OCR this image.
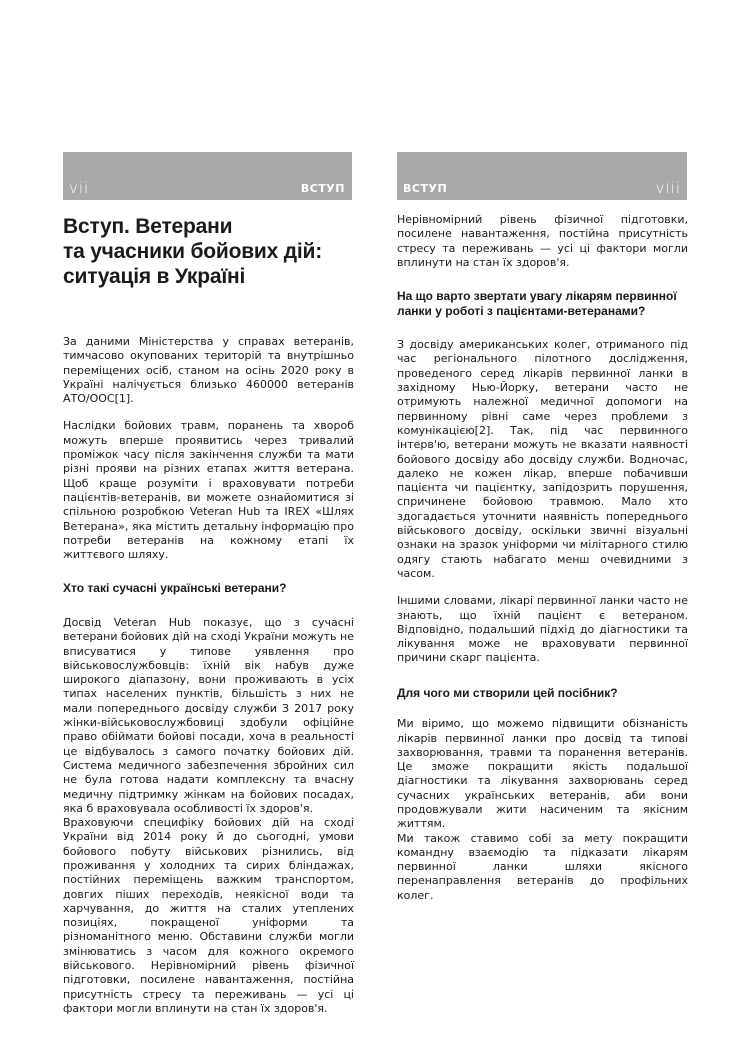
vii	ВСТУП	ВСТУП	viii
Вступ. Ветерани
та учасники бойових дій:
ситуація в Україні

За даними Міністерства у справах ветеранів, тимчасово окупованих територій та внутрішньо переміщених осіб, станом на осінь 2020 року в Україні налічується близько 460000 ветеранів АТО/ООС[1].

Наслідки бойових травм, поранень та хвороб можуть вперше проявитись через тривалий проміжок часу після закінчення служби та мати різні прояви на різних етапах життя ветерана. Щоб краще розуміти і враховувати потреби пацієнтів-ветеранів, ви можете ознайомитися зі спільною розробкою Veteran Hub та IREX «Шлях Ветерана», яка містить детальну інформацію про потреби ветеранів на кожному етапі їх життєвого шляху.

Хто такі сучасні українські ветерани?

Досвід Veteran Hub показує, що з сучасні ветерани бойових дій на сході України можуть не вписуватися у типове уявлення про військовослужбовців: їхній вік набув дуже широкого діапазону, вони проживають в усіх типах населених пунктів, більшість з них не мали попереднього досвіду служби З 2017 року жінки-військовослужбовиці здобули офіційне право обіймати бойові посади, хоча в реальності це відбувалось з самого початку бойових дій. Система медичного забезпечення збройних сил не була готова надати комплексну та вчасну медичну підтримку жінкам на бойових посадах, яка б враховувала особливості їх здоров'я.

Враховуючи специфіку бойових дій на сході України від 2014 року й до сьогодні, умови бойового побуту військових різнились, від проживання у холодних та сирих бліндажах, постійних переміщень важким транспортом, довгих піших переходів, неякісної води та харчування, до життя на сталих утеплених позиціях, покращеної уніформи та різноманітного меню. Обставини служби могли змінюватись з часом для кожного окремого військового. Нерівномірний рівень фізичної підготовки, посилене навантаження, постійна присутність стресу та переживань — усі ці фактори могли вплинути на стан їх здоров'я.

Нерівномірний рівень фізичної підготовки, посилене навантаження, постійна присутність стресу та переживань — усі ці фактори могли вплинути на стан їх здоров'я.

На що варто звертати увагу лікарям первинної ланки у роботі з пацієнтами-ветеранами?

З досвіду американських колег, отриманого під час регіонального пілотного дослідження, проведеного серед лікарів первинної ланки в західному Нью-Йорку, ветерани часто не отримують належної медичної допомоги на первинному рівні саме через проблеми з комунікацією[2]. Так, під час первинного інтерв'ю, ветерани можуть не вказати наявності бойового досвіду або досвіду служби. Водночас, далеко не кожен лікар, вперше побачивши пацієнта чи пацієнтку, запідозрить порушення, спричинене бойовою травмою. Мало хто здогадається уточнити наявність попереднього військового досвіду, оскільки звичні візуальні ознаки на зразок уніформи чи мілітарного стилю одягу стають набагато менш очевидними з часом.

Іншими словами, лікарі первинної ланки часто не знають, що їхній пацієнт є ветераном. Відповідно, подальший підхід до діагностики та лікування може не враховувати первинної причини скарг пацієнта.

Для чого ми створили цей посібник?

Ми віримо, що можемо підвищити обізнаність лікарів первинної ланки про досвід та типові захворювання, травми та поранення ветеранів. Це зможе покращити якість подальшої діагностики та лікування захворювань серед сучасних українських ветеранів, аби вони продовжували жити насиченим та якісним життям.

Ми також ставимо собі за мету покращити командну взаємодію та підказати лікарям первинної ланки шляхи якісного перенаправлення ветеранів до профільних колег.
